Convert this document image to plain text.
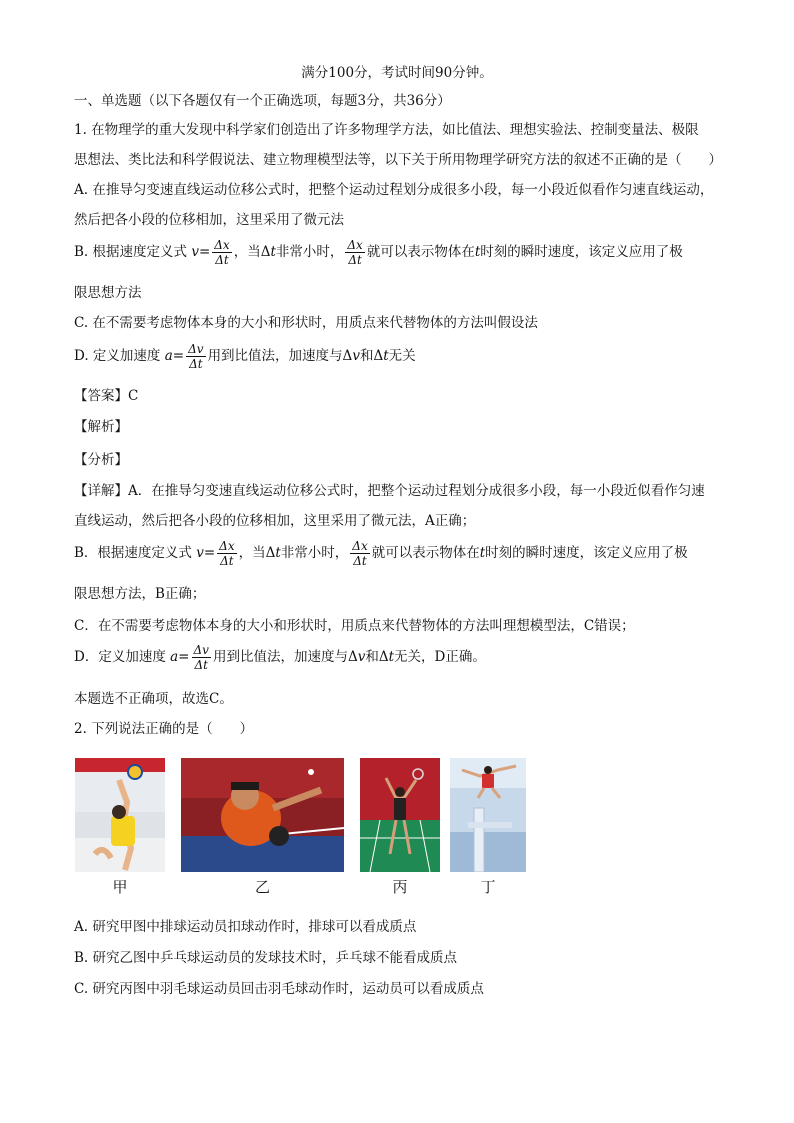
满分100分，考试时间90分钟。
一、单选题（以下各题仅有一个正确选项，每题3分，共36分）
1. 在物理学的重大发现中科学家们创造出了许多物理学方法，如比值法、理想实验法、控制变量法、极限
思想法、类比法和科学假说法、建立物理模型法等，以下关于所用物理学研究方法的叙述不正确的是（　　）
A. 在推导匀变速直线运动位移公式时，把整个运动过程划分成很多小段，每一小段近似看作匀速直线运动，
然后把各小段的位移相加，这里采用了微元法
B. 根据速度定义式 $v= \frac{\Delta x}{\Delta t}$ ，当Δt非常小时， $\frac{\Delta x}{\Delta t}$ 就可以表示物体在t时刻的瞬时速度，该定义应用了极
限思想方法
C. 在不需要考虑物体本身的大小和形状时，用质点来代替物体的方法叫假设法
D. 定义加速度 $a= \frac{\Delta v}{\Delta t}$ 用到比值法，加速度与Δv和Δt无关
【答案】C
【解析】
【分析】
【详解】A．在推导匀变速直线运动位移公式时，把整个运动过程划分成很多小段，每一小段近似看作匀速
直线运动，然后把各小段的位移相加，这里采用了微元法，A正确；
B．根据速度定义式 $v= \frac{\Delta x}{\Delta t}$ ，当Δt非常小时， $\frac{\Delta x}{\Delta t}$ 就可以表示物体在t时刻的瞬时速度，该定义应用了极
限思想方法，B正确；
C．在不需要考虑物体本身的大小和形状时，用质点来代替物体的方法叫理想模型法，C错误；
D．定义加速度 $a= \frac{\Delta v}{\Delta t}$ 用到比值法，加速度与Δv和Δt无关，D正确。
本题选不正确项，故选C。
2. 下列说法正确的是（　　）
甲	乙	丙	丁
A. 研究甲图中排球运动员扣球动作时，排球可以看成质点
B. 研究乙图中乒乓球运动员的发球技术时，乒乓球不能看成质点
C. 研究丙图中羽毛球运动员回击羽毛球动作时，运动员可以看成质点
